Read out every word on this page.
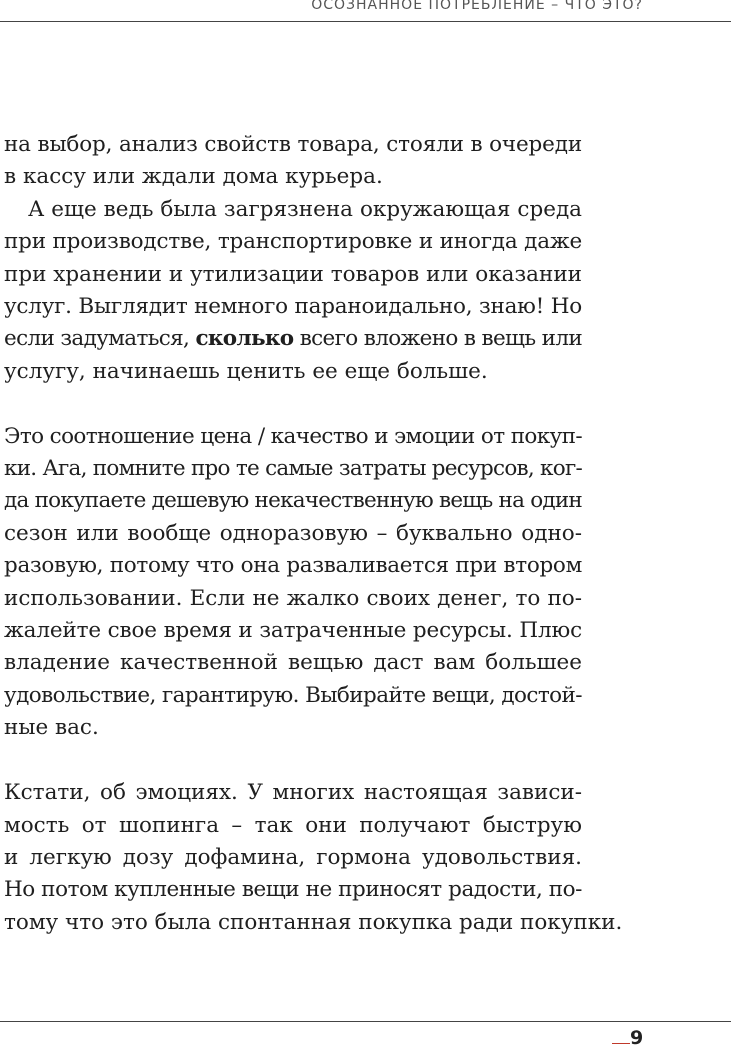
ОСОЗНАННОЕ ПОТРЕБЛЕНИЕ – ЧТО ЭТО?
на выбор, анализ свойств товара, стояли в очереди
в кассу или ждали дома курьера.
А еще ведь была загрязнена окружающая среда
при производстве, транспортировке и иногда даже
при хранении и утилизации товаров или оказании
услуг. Выглядит немного параноидально, знаю! Но
если задуматься, сколько всего вложено в вещь или
услугу, начинаешь ценить ее еще больше.
Это соотношение цена / качество и эмоции от покуп-
ки. Ага, помните про те самые затраты ресурсов, ког-
да покупаете дешевую некачественную вещь на один
сезон или вообще одноразовую – буквально одно-
разовую, потому что она разваливается при втором
использовании. Если не жалко своих денег, то по-
жалейте свое время и затраченные ресурсы. Плюс
владение качественной вещью даст вам большее
удовольствие, гарантирую. Выбирайте вещи, достой-
ные вас.
Кстати, об эмоциях. У многих настоящая зависи-
мость от шопинга – так они получают быструю
и легкую дозу дофамина, гормона удовольствия.
Но потом купленные вещи не приносят радости, по-
тому что это была спонтанная покупка ради покупки.
9
